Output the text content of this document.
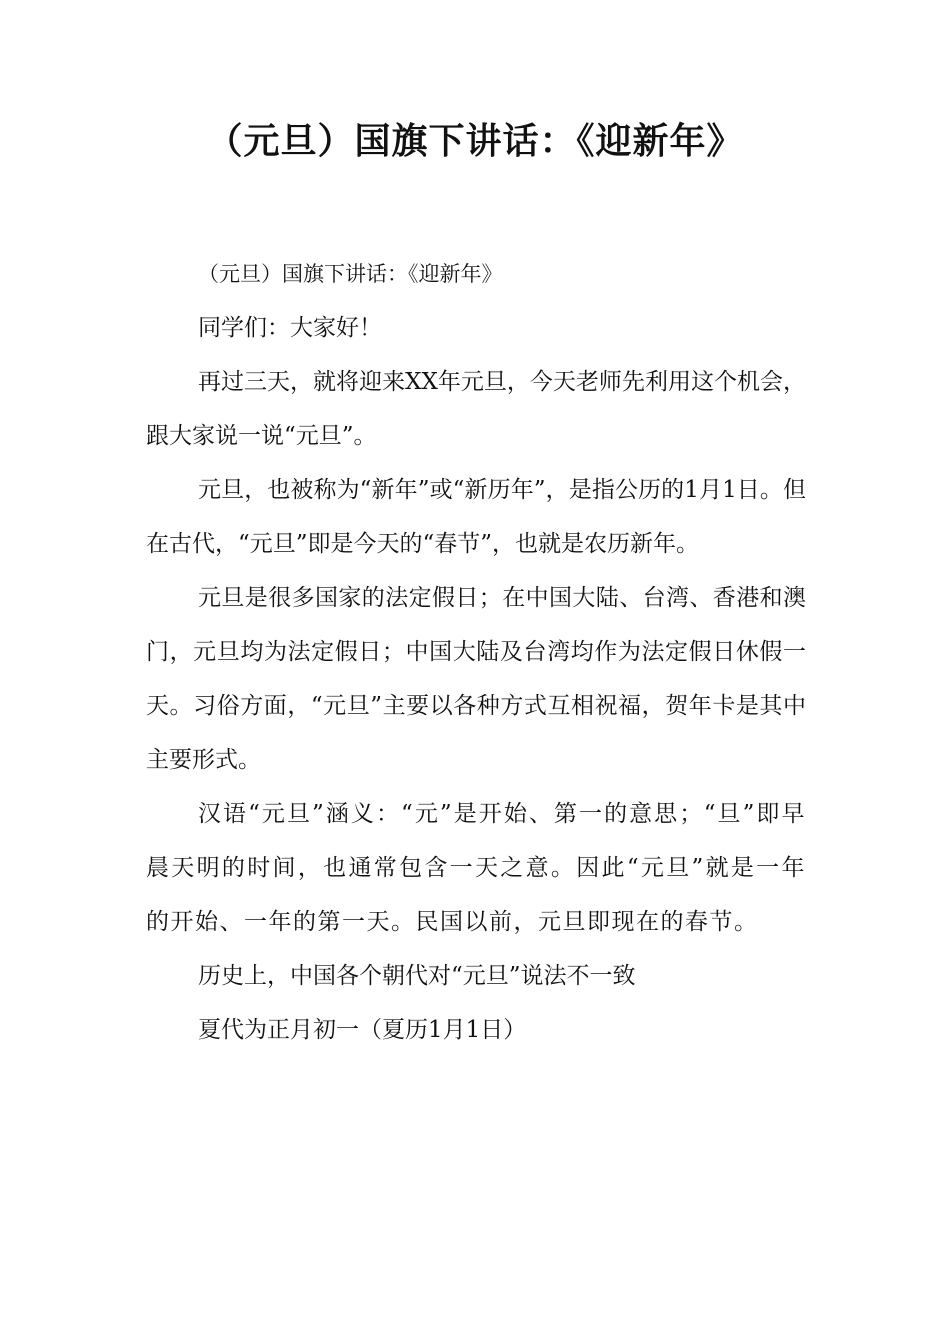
（元旦）国旗下讲话：《迎新年》

（元旦）国旗下讲话：《迎新年》

同学们：大家好！

再过三天，就将迎来XX年元旦，今天老师先利用这个机会，跟大家说一说“元旦”。

元旦，也被称为“新年”或“新历年”，是指公历的1月1日。但在古代，“元旦”即是今天的“春节”，也就是农历新年。

元旦是很多国家的法定假日；在中国大陆、台湾、香港和澳门，元旦均为法定假日；中国大陆及台湾均作为法定假日休假一天。习俗方面，“元旦”主要以各种方式互相祝福，贺年卡是其中主要形式。

汉语“元旦”涵义：“元”是开始、第一的意思；“旦”即早晨天明的时间，也通常包含一天之意。因此“元旦”就是一年的开始、一年的第一天。民国以前，元旦即现在的春节。

历史上，中国各个朝代对“元旦”说法不一致

夏代为正月初一（夏历1月1日）
